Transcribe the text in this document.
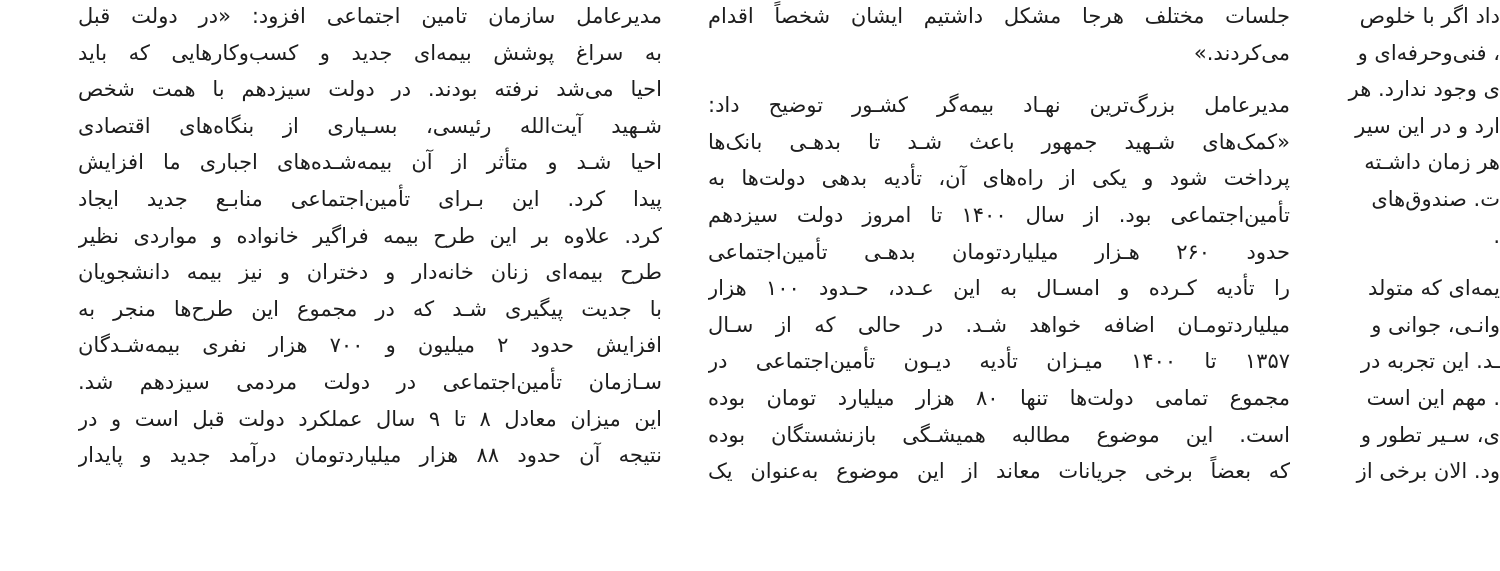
داد اگر با خلوص
، فنی‌وحرفه‌ای و
ی وجود ندارد. هر
ارد و در این سیر
هر زمان داشـته
ت. صندوق‌های
.
یمه‌ای که متولد
وانـی، جوانی و
ـد. این تجربه در
. مهم این است
ی، سـیر تطور و
ود. الان برخی از
جلسات مختلف هرجا مشکل داشتیم ایشان شخصاً اقدام
می‌کردند.»
مدیرعامل بزرگ‌ترین نهـاد بیمه‌گر کشـور توضیح داد:
«کمک‌های شـهید جمهور باعث شـد تا بدهـی بانک‌ها
پرداخت شود و یکی از راه‌های آن، تأدیه بدهی دولت‌ها به
تأمین‌اجتماعی بود. از سال ۱۴۰۰ تا امروز دولت سیزدهم
حدود ۲۶۰ هـزار میلیاردتومان بدهـی تأمین‌اجتماعی
را تأدیه کـرده و امسـال به این عـدد، حـدود ۱۰۰ هزار
میلیاردتومـان اضافه خواهد شـد. در حالی که از سـال
۱۳۵۷ تا ۱۴۰۰ میـزان تأدیه دیـون تأمین‌اجتماعی در
مجموع تمامی دولت‌ها تنها ۸۰ هزار میلیارد تومان بوده
است. این موضوع مطالبه همیشـگی بازنشستگان بوده
که بعضاً برخی جریانات معاند از این موضوع به‌عنوان یک
مدیرعامل سازمان تامین اجتماعی افزود: «در دولت قبل
به سراغ پوشش بیمه‌ای جدید و کسب‌وکارهایی که باید
احیا می‌شد نرفته بودند. در دولت سیزدهم با همت شخص
شـهید آیت‌الله رئیسی، بسـیاری از بنگاه‌های اقتصادی
احیا شـد و متأثر از آن بیمه‌شـده‌های اجباری ما افزایش
پیدا کرد. این بـرای تأمین‌اجتماعی منابـع جدید ایجاد
کرد. علاوه بر این طرح بیمه فراگیر خانواده و مواردی نظیر
طرح بیمه‌ای زنان خانه‌دار و دختران و نیز بیمه دانشجویان
با جدیت پیگیری شـد که در مجموع این طرح‌ها منجر به
افزایش حدود ۲ میلیون و ۷۰۰ هزار نفری بیمه‌شـدگان
سـازمان تأمین‌اجتماعی در دولت مردمی سیزدهم شد.
این میزان معادل ۸ تا ۹ سال عملکرد دولت قبل است و در
نتیجه آن حدود ۸۸ هزار میلیاردتومان درآمد جدید و پایدار
